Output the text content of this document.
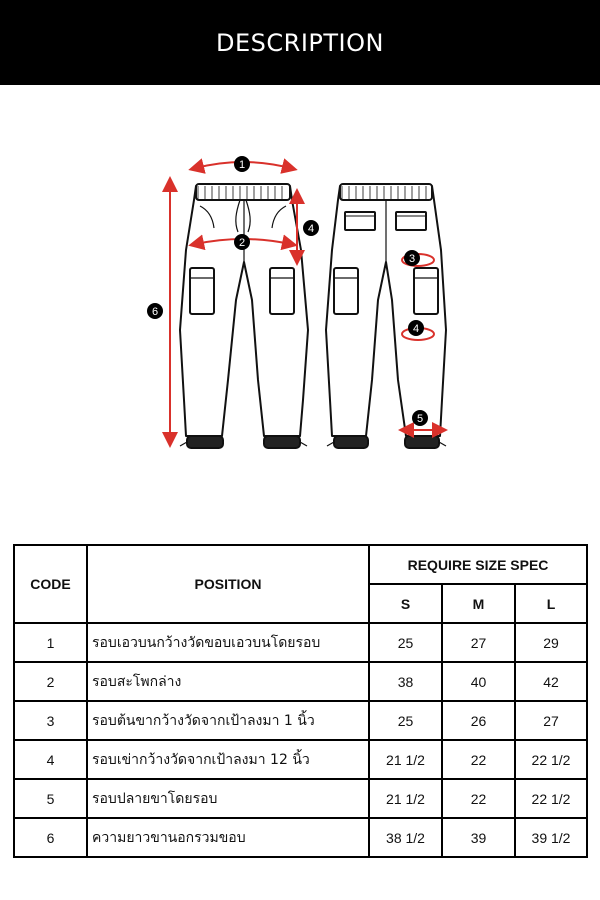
DESCRIPTION
1
2
4
6
3
4
5
CODE	POSITION	REQUIRE SIZE SPEC		
		S	M	L
1	รอบเอวบนกว้างวัดขอบเอวบนโดยรอบ	25	27	29
2	รอบสะโพกล่าง	38	40	42
3	รอบต้นขากว้างวัดจากเป้าลงมา 1 นิ้ว	25	26	27
4	รอบเข่ากว้างวัดจากเป้าลงมา 12 นิ้ว	21 1/2	22	22 1/2
5	รอบปลายขาโดยรอบ	21 1/2	22	22 1/2
6	ความยาวขานอกรวมขอบ	38 1/2	39	39 1/2
